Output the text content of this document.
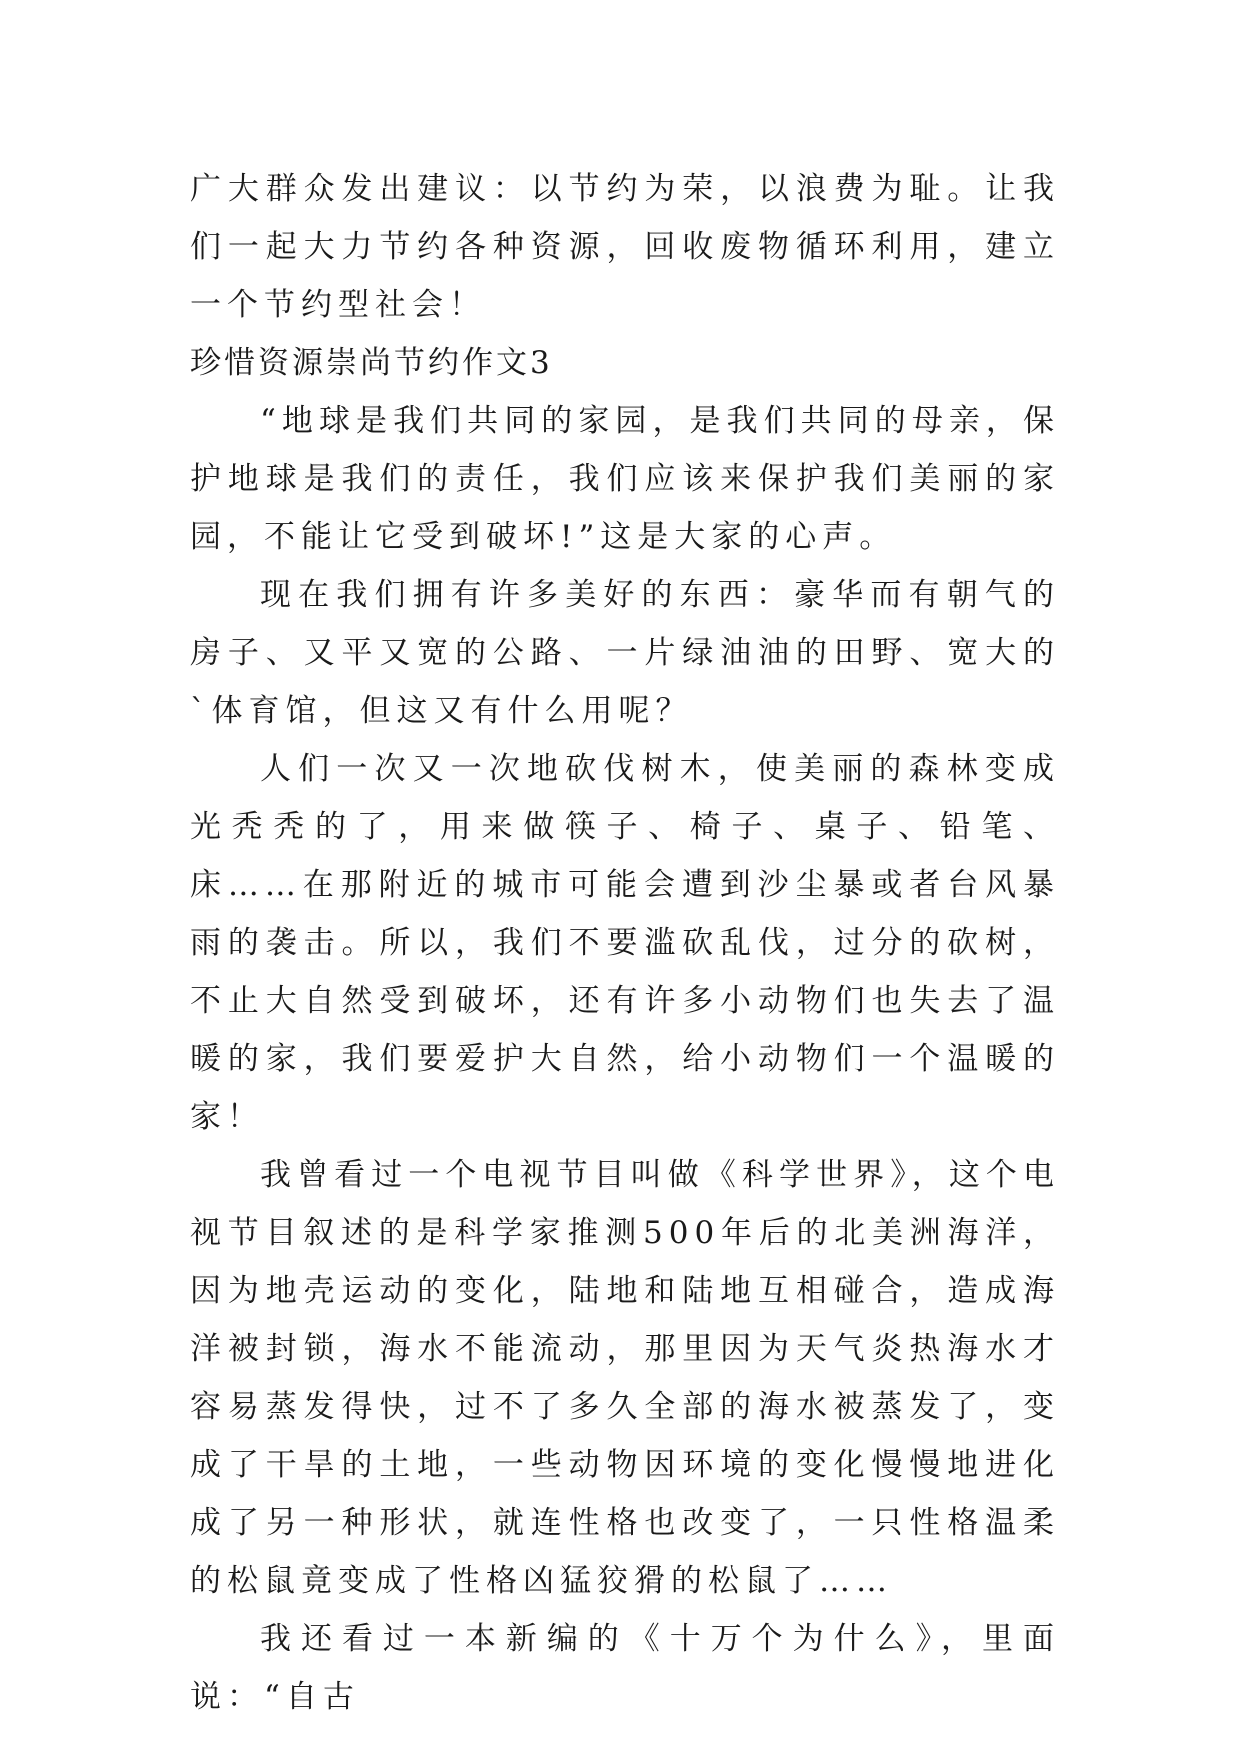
广大群众发出建议：以节约为荣，以浪费为耻。让我们一起大力节约各种资源，回收废物循环利用，建立一个节约型社会！

珍惜资源崇尚节约作文3

“地球是我们共同的家园，是我们共同的母亲，保护地球是我们的责任，我们应该来保护我们美丽的家园，不能让它受到破坏!”这是大家的心声。

现在我们拥有许多美好的东西：豪华而有朝气的房子、又平又宽的公路、一片绿油油的田野、宽大的`体育馆，但这又有什么用呢？

人们一次又一次地砍伐树木，使美丽的森林变成光秃秃的了，用来做筷子、椅子、桌子、铅笔、床……在那附近的城市可能会遭到沙尘暴或者台风暴雨的袭击。所以，我们不要滥砍乱伐，过分的砍树，不止大自然受到破坏，还有许多小动物们也失去了温暖的家，我们要爱护大自然，给小动物们一个温暖的家！

我曾看过一个电视节目叫做《科学世界》，这个电视节目叙述的是科学家推测500年后的北美洲海洋，因为地壳运动的变化，陆地和陆地互相碰合，造成海洋被封锁，海水不能流动，那里因为天气炎热海水才容易蒸发得快，过不了多久全部的海水被蒸发了，变成了干旱的土地，一些动物因环境的变化慢慢地进化成了另一种形状，就连性格也改变了，一只性格温柔的松鼠竟变成了性格凶猛狡猾的松鼠了……

我还看过一本新编的《十万个为什么》，里面说：“自古
